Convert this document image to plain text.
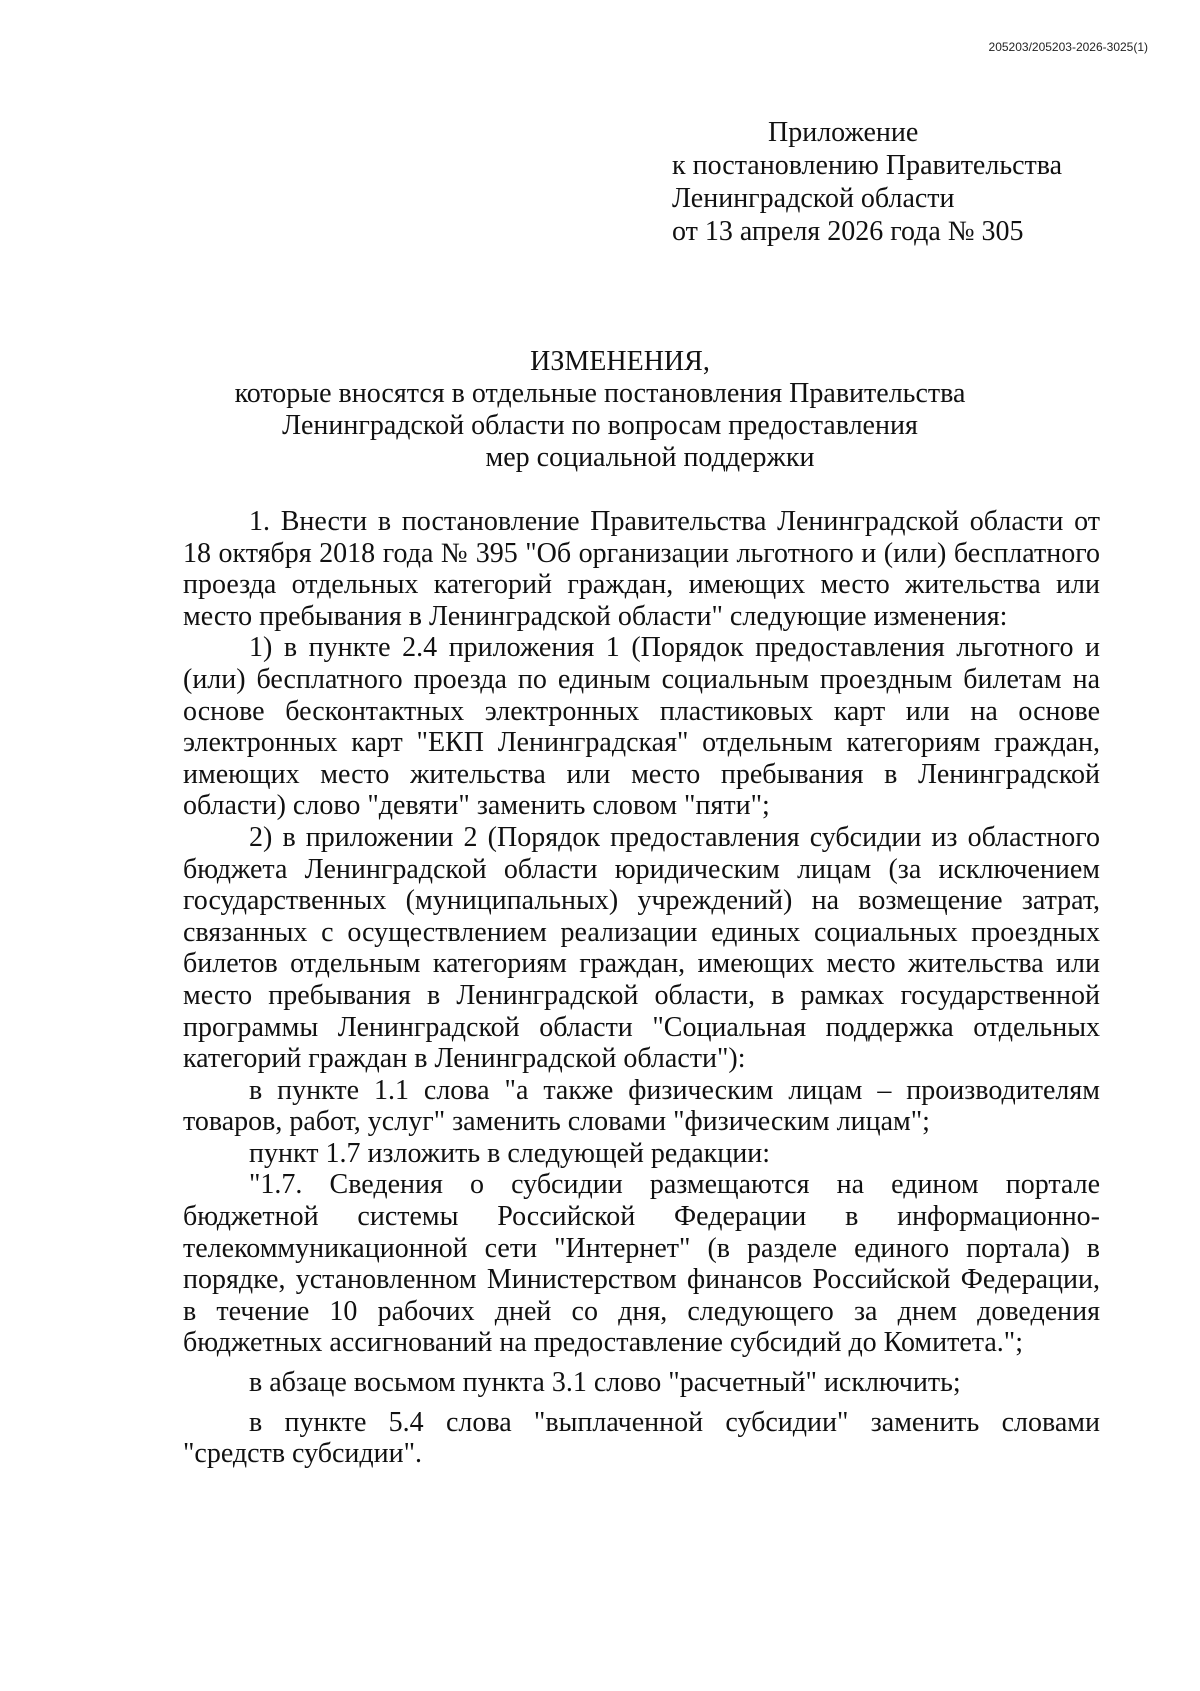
205203/205203-2026-3025(1)
Приложение
к постановлению Правительства
Ленинградской области
от 13 апреля 2026 года № 305
ИЗМЕНЕНИЯ,
которые вносятся в отдельные постановления Правительства
Ленинградской области по вопросам предоставления
мер социальной поддержки

1. Внести в постановление Правительства Ленинградской области от 18 октября 2018 года № 395 "Об организации льготного и (или) бесплатного проезда отдельных категорий граждан, имеющих место жительства или место пребывания в Ленинградской области" следующие изменения:

1) в пункте 2.4 приложения 1 (Порядок предоставления льготного и (или) бесплатного проезда по единым социальным проездным билетам на основе бесконтактных электронных пластиковых карт или на основе электронных карт "ЕКП Ленинградская" отдельным категориям граждан, имеющих место жительства или место пребывания в Ленинградской области) слово "девяти" заменить словом "пяти";

2) в приложении 2 (Порядок предоставления субсидии из областного бюджета Ленинградской области юридическим лицам (за исключением государственных (муниципальных) учреждений) на возмещение затрат, связанных с осуществлением реализации единых социальных проездных билетов отдельным категориям граждан, имеющих место жительства или место пребывания в Ленинградской области, в рамках государственной программы Ленинградской области "Социальная поддержка отдельных категорий граждан в Ленинградской области"):

в пункте 1.1 слова "а также физическим лицам – производителям товаров, работ, услуг" заменить словами "физическим лицам";

пункт 1.7 изложить в следующей редакции:

"1.7. Сведения о субсидии размещаются на едином портале бюджетной системы Российской Федерации в информационно-телекоммуникационной сети "Интернет" (в разделе единого портала) в порядке, установленном Министерством финансов Российской Федерации, в течение 10 рабочих дней со дня, следующего за днем доведения бюджетных ассигнований на предоставление субсидий до Комитета.";

в абзаце восьмом пункта 3.1 слово "расчетный" исключить;

в пункте 5.4 слова "выплаченной субсидии" заменить словами "средств субсидии".
